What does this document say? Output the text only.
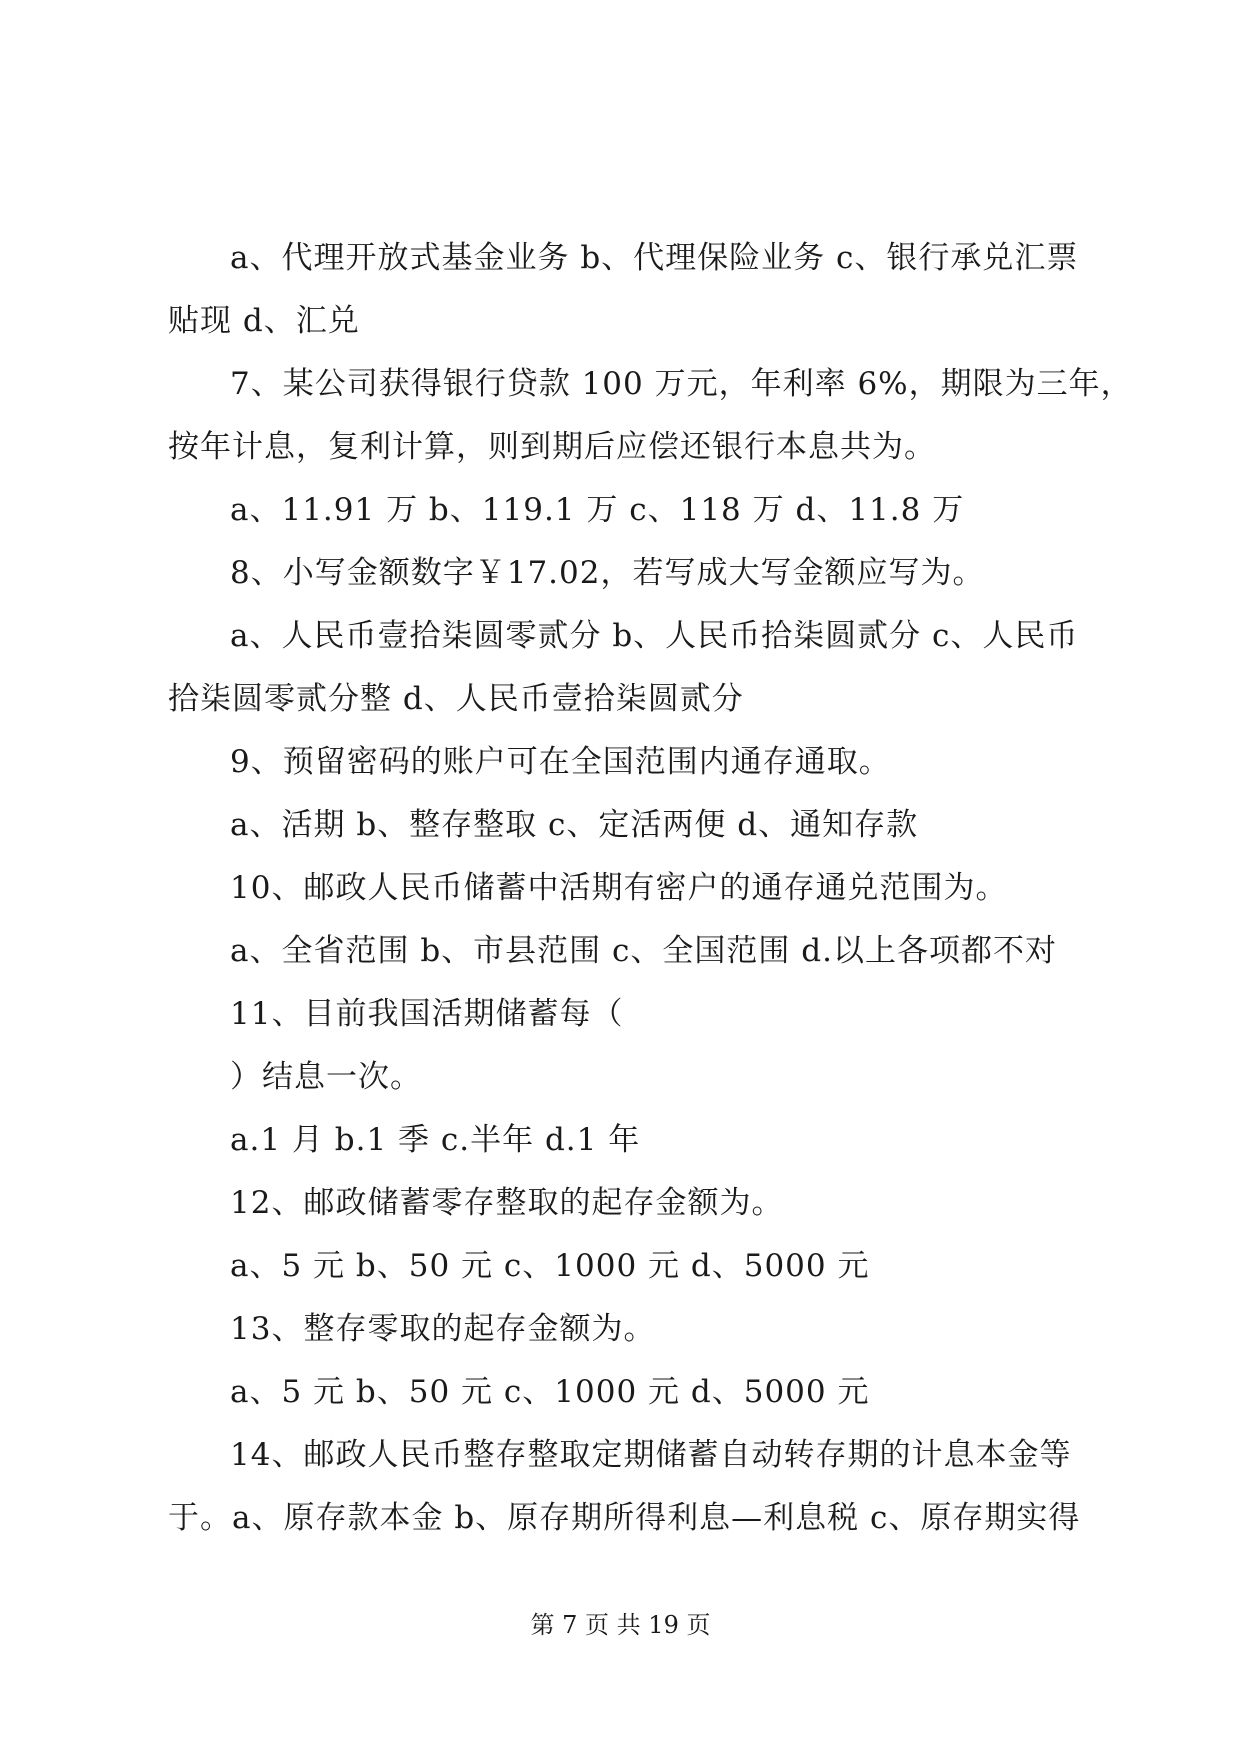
a、代理开放式基金业务 b、代理保险业务 c、银行承兑汇票
贴现 d、汇兑
7、某公司获得银行贷款 100 万元，年利率 6%，期限为三年，
按年计息，复利计算，则到期后应偿还银行本息共为。
a、11.91 万 b、119.1 万 c、118 万 d、11.8 万
8、小写金额数字￥17.02，若写成大写金额应写为。
a、人民币壹拾柒圆零贰分 b、人民币拾柒圆贰分 c、人民币
拾柒圆零贰分整 d、人民币壹拾柒圆贰分
9、预留密码的账户可在全国范围内通存通取。
a、活期 b、整存整取 c、定活两便 d、通知存款
10、邮政人民币储蓄中活期有密户的通存通兑范围为。
a、全省范围 b、市县范围 c、全国范围 d.以上各项都不对
11、目前我国活期储蓄每（
）结息一次。
a.1 月 b.1 季 c.半年 d.1 年
12、邮政储蓄零存整取的起存金额为。
a、5 元 b、50 元 c、1000 元 d、5000 元
13、整存零取的起存金额为。
a、5 元 b、50 元 c、1000 元 d、5000 元
14、邮政人民币整存整取定期储蓄自动转存期的计息本金等
于。a、原存款本金 b、原存期所得利息—利息税 c、原存期实得
第 7 页 共 19 页
